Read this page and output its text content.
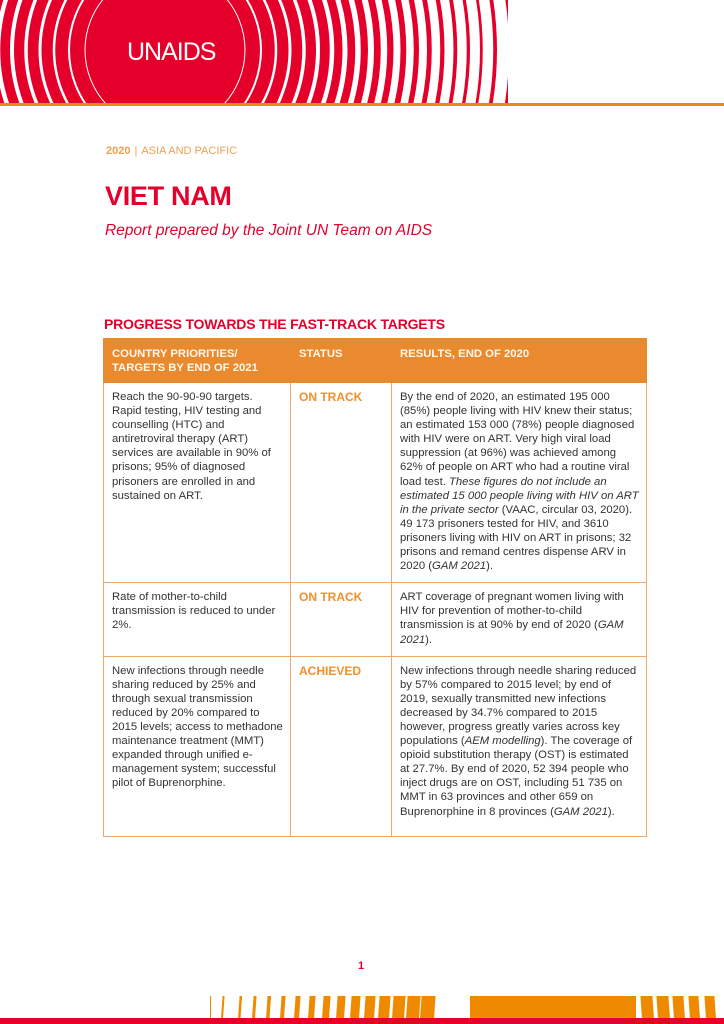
UNAIDS
2020 | ASIA AND PACIFIC
VIET NAM
Report prepared by the Joint UN Team on AIDS
PROGRESS TOWARDS THE FAST-TRACK TARGETS
COUNTRY PRIORITIES/ TARGETS BY END OF 2021	STATUS	RESULTS, END OF 2020
Reach the 90-90-90 targets. Rapid testing, HIV testing and counselling (HTC) and antiretroviral therapy (ART) services are available in 90% of prisons; 95% of diagnosed prisoners are enrolled in and sustained on ART.	ON TRACK	By the end of 2020, an estimated 195 000 (85%) people living with HIV knew their status; an estimated 153 000 (78%) people diagnosed with HIV were on ART. Very high viral load suppression (at 96%) was achieved among 62% of people on ART who had a routine viral load test. These figures do not include an estimated 15 000 people living with HIV on ART in the private sector (VAAC, circular 03, 2020). 49 173 prisoners tested for HIV, and 3610 prisoners living with HIV on ART in prisons; 32 prisons and remand centres dispense ARV in 2020 (GAM 2021).
Rate of mother-to-child transmission is reduced to under 2%.	ON TRACK	ART coverage of pregnant women living with HIV for prevention of mother-to-child transmission is at 90% by end of 2020 (GAM 2021).
New infections through needle sharing reduced by 25% and through sexual transmission reduced by 20% compared to 2015 levels; access to methadone maintenance treatment (MMT) expanded through unified e-management system; successful pilot of Buprenorphine.	ACHIEVED	New infections through needle sharing reduced by 57% compared to 2015 level; by end of 2019, sexually transmitted new infections decreased by 34.7% compared to 2015 however, progress greatly varies across key populations (AEM modelling). The coverage of opioid substitution therapy (OST) is estimated at 27.7%. By end of 2020, 52 394 people who inject drugs are on OST, including 51 735 on MMT in 63 provinces and other 659 on Buprenorphine in 8 provinces (GAM 2021).
1
